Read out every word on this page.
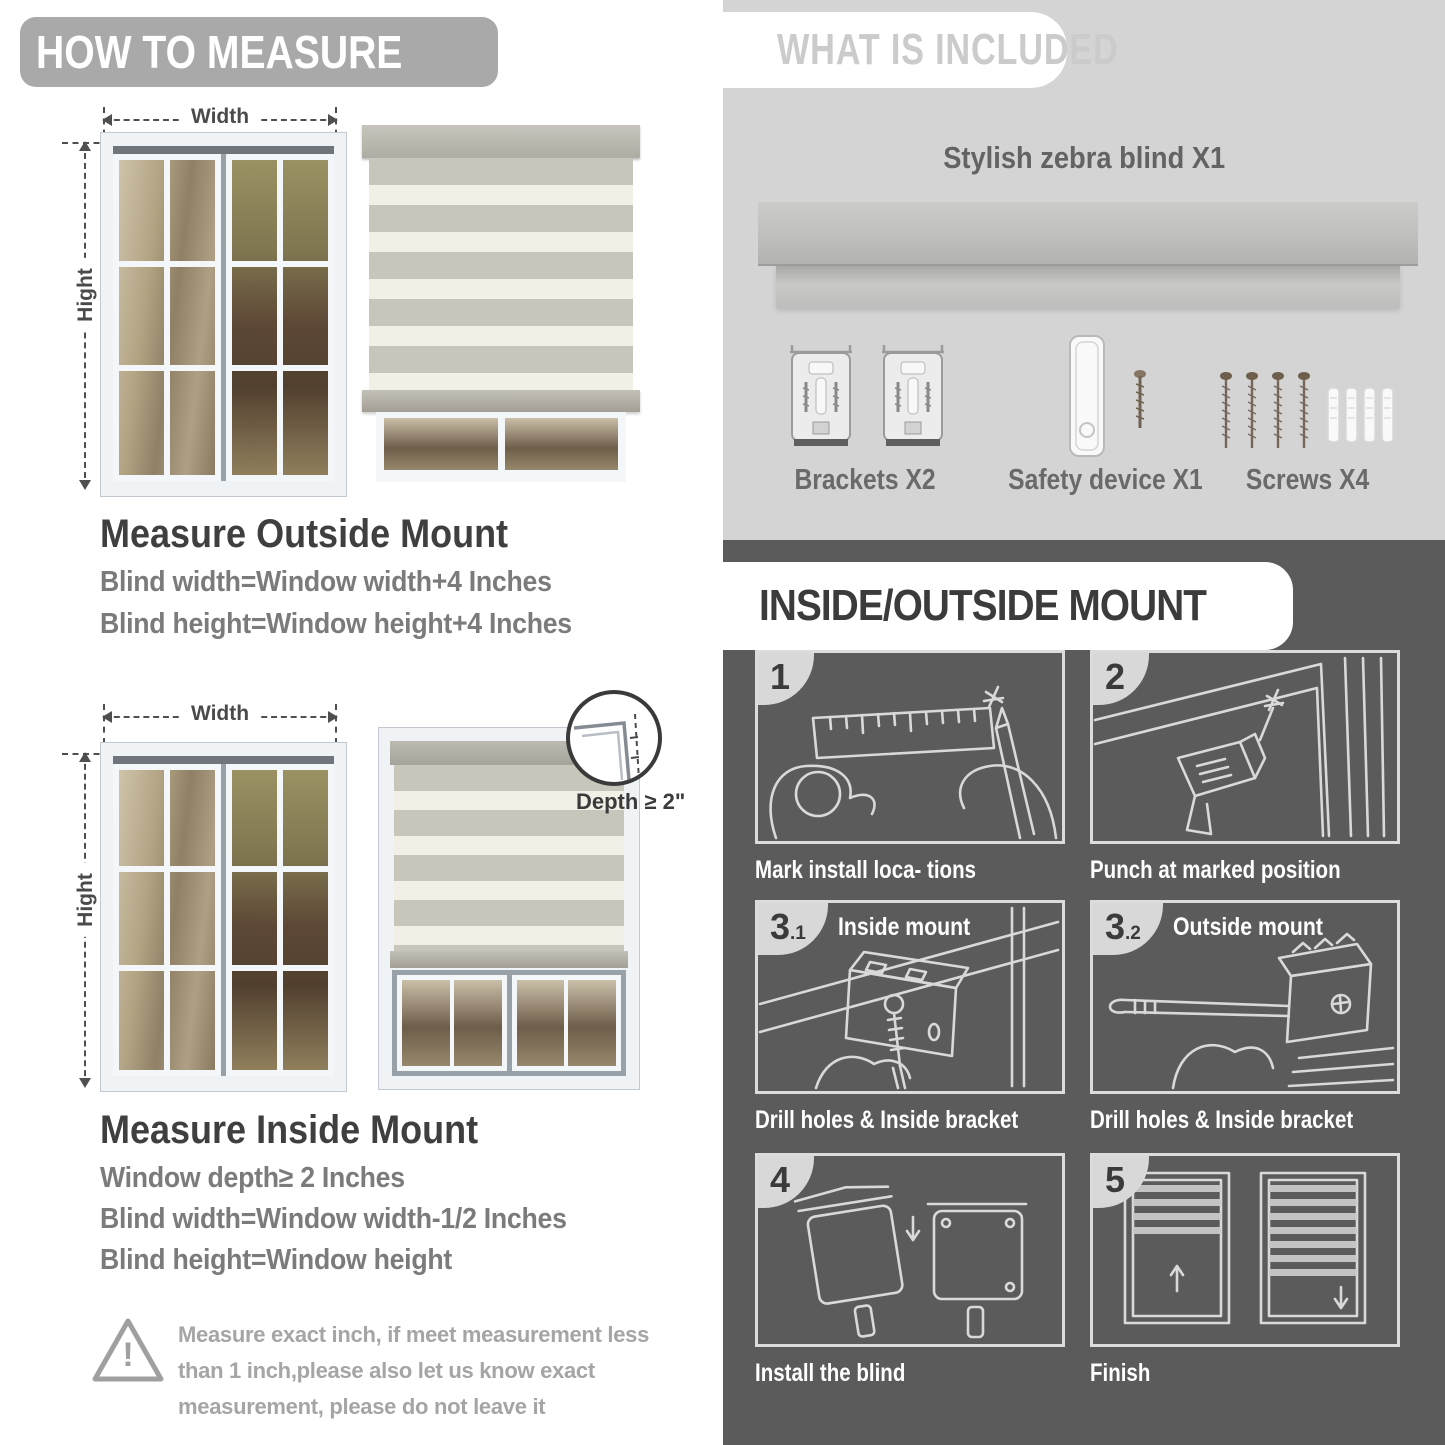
HOW TO MEASURE
Width
Hight
Measure Outside Mount
Blind width=Window width+4 Inches
Blind height=Window height+4 Inches
Width
Hight
Depth ≥ 2"
Measure Inside Mount
Window depth≥ 2 Inches
Blind width=Window width-1/2 Inches
Blind height=Window height
!
Measure exact inch, if meet measurement less
than 1 inch,please also let us know exact
measurement, please do not leave it
WHAT IS INCLUDED
Stylish zebra blind X1
Brackets X2	Safety device X1	Screws X4
INSIDE/OUTSIDE MOUNT
1
Mark install loca- tions
2
Punch at marked position
3.1	Inside mount
Drill holes & Inside bracket
3.2	Outside mount
Drill holes & Inside bracket
4
Install the blind
5
Finish
